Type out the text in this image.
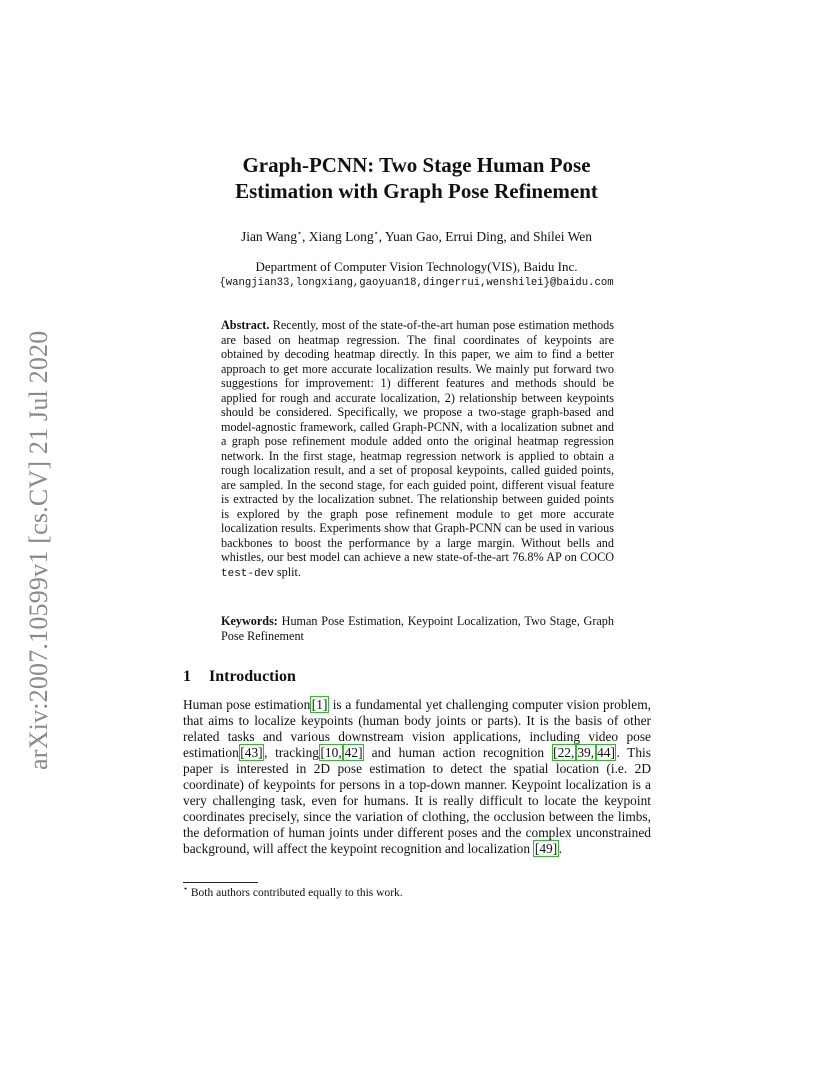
arXiv:2007.10599v1 [cs.CV] 21 Jul 2020
Graph-PCNN: Two Stage Human Pose
Estimation with Graph Pose Refinement
Jian Wang⋆, Xiang Long⋆, Yuan Gao, Errui Ding, and Shilei Wen
Department of Computer Vision Technology(VIS), Baidu Inc.
{wangjian33,longxiang,gaoyuan18,dingerrui,wenshilei}@baidu.com
Abstract. Recently, most of the state-of-the-art human pose estimation methods are based on heatmap regression. The final coordinates of keypoints are obtained by decoding heatmap directly. In this paper, we aim to find a better approach to get more accurate localization results. We mainly put forward two suggestions for improvement: 1) different features and methods should be applied for rough and accurate localization, 2) relationship between keypoints should be considered. Specifically, we propose a two-stage graph-based and model-agnostic framework, called Graph-PCNN, with a localization subnet and a graph pose refinement module added onto the original heatmap regression network. In the first stage, heatmap regression network is applied to obtain a rough localization result, and a set of proposal keypoints, called guided points, are sampled. In the second stage, for each guided point, different visual feature is extracted by the localization subnet. The relationship between guided points is explored by the graph pose refinement module to get more accurate localization results. Experiments show that Graph-PCNN can be used in various backbones to boost the performance by a large margin. Without bells and whistles, our best model can achieve a new state-of-the-art 76.8% AP on COCO test-dev split.
Keywords: Human Pose Estimation, Keypoint Localization, Two Stage, Graph Pose Refinement
1 Introduction
Human pose estimation [1] is a fundamental yet challenging computer vision problem, that aims to localize keypoints (human body joints or parts). It is the basis of other related tasks and various downstream vision applications, including video pose estimation [43] , tracking [10, 42] and human action recognition [22, 39, 44] . This paper is interested in 2D pose estimation to detect the spatial location (i.e. 2D coordinate) of keypoints for persons in a top-down manner. Keypoint localization is a very challenging task, even for humans. It is really difficult to locate the keypoint coordinates precisely, since the variation of clothing, the occlusion between the limbs, the deformation of human joints under different poses and the complex unconstrained background, will affect the keypoint recognition and localization [49] .
⋆ Both authors contributed equally to this work.
